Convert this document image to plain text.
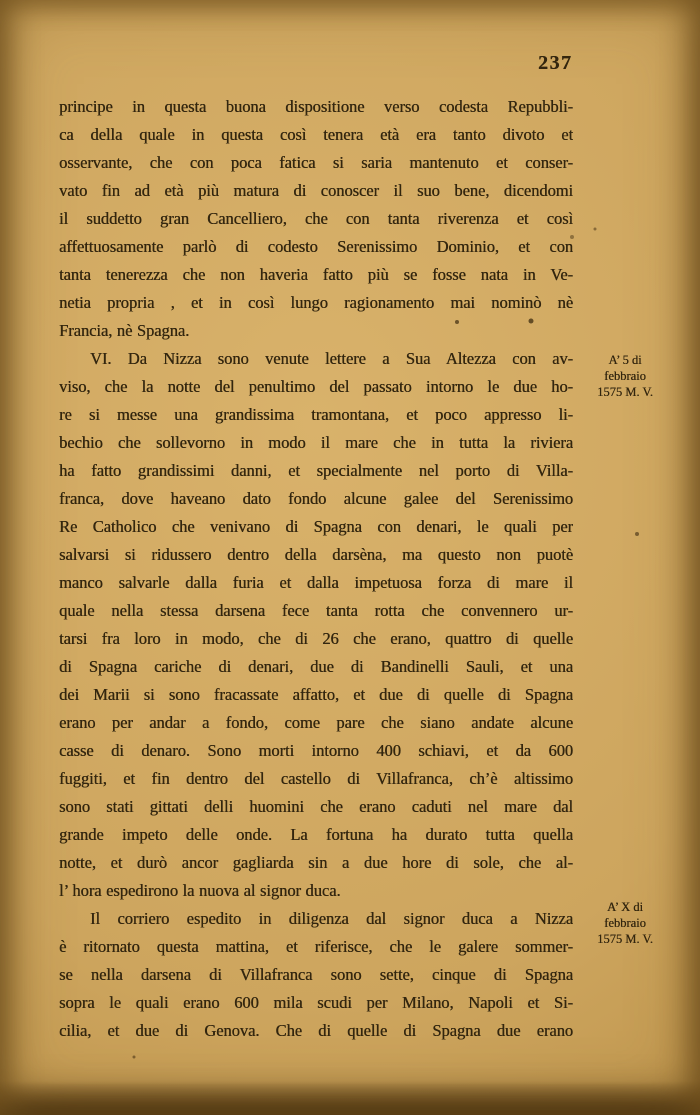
237
principe in questa buona dispositione verso codesta Repubbli-
ca della quale in questa così tenera età era tanto divoto et
osservante, che con poca fatica si saria mantenuto et conser-
vato fin ad età più matura di conoscer il suo bene, dicendomi
il suddetto gran Cancelliero, che con tanta riverenza et così
affettuosamente parlò di codesto Serenissimo Dominio, et con
tanta tenerezza che non haveria fatto più se fosse nata in Ve-
netia propria , et in così lungo ragionamento mai nominò nè
Francia, nè Spagna.
VI. Da Nizza sono venute lettere a Sua Altezza con av-
viso, che la notte del penultimo del passato intorno le due ho-
re si messe una grandissima tramontana, et poco appresso li-
bechio che sollevorno in modo il mare che in tutta la riviera
ha fatto grandissimi danni, et specialmente nel porto di Villa-
franca, dove haveano dato fondo alcune galee del Serenissimo
Re Catholico che venivano di Spagna con denari, le quali per
salvarsi si ridussero dentro della darsèna, ma questo non puotè
manco salvarle dalla furia et dalla impetuosa forza di mare il
quale nella stessa darsena fece tanta rotta che convennero ur-
tarsi fra loro in modo, che di 26 che erano, quattro di quelle
di Spagna cariche di denari, due di Bandinelli Sauli, et una
dei Marii si sono fracassate affatto, et due di quelle di Spagna
erano per andar a fondo, come pare che siano andate alcune
casse di denaro. Sono morti intorno 400 schiavi, et da 600
fuggiti, et fin dentro del castello di Villafranca, ch’è altissimo
sono stati gittati delli huomini che erano caduti nel mare dal
grande impeto delle onde. La fortuna ha durato tutta quella
notte, et durò ancor gagliarda sin a due hore di sole, che al-
l’ hora espedirono la nuova al signor duca.
Il corriero espedito in diligenza dal signor duca a Nizza
è ritornato questa mattina, et riferisce, che le galere sommer-
se nella darsena di Villafranca sono sette, cinque di Spagna
sopra le quali erano 600 mila scudi per Milano, Napoli et Si-
cilia, et due di Genova. Che di quelle di Spagna due erano
A’ 5 di
febbraio
1575 M. V.
A’ X di
febbraio
1575 M. V.
